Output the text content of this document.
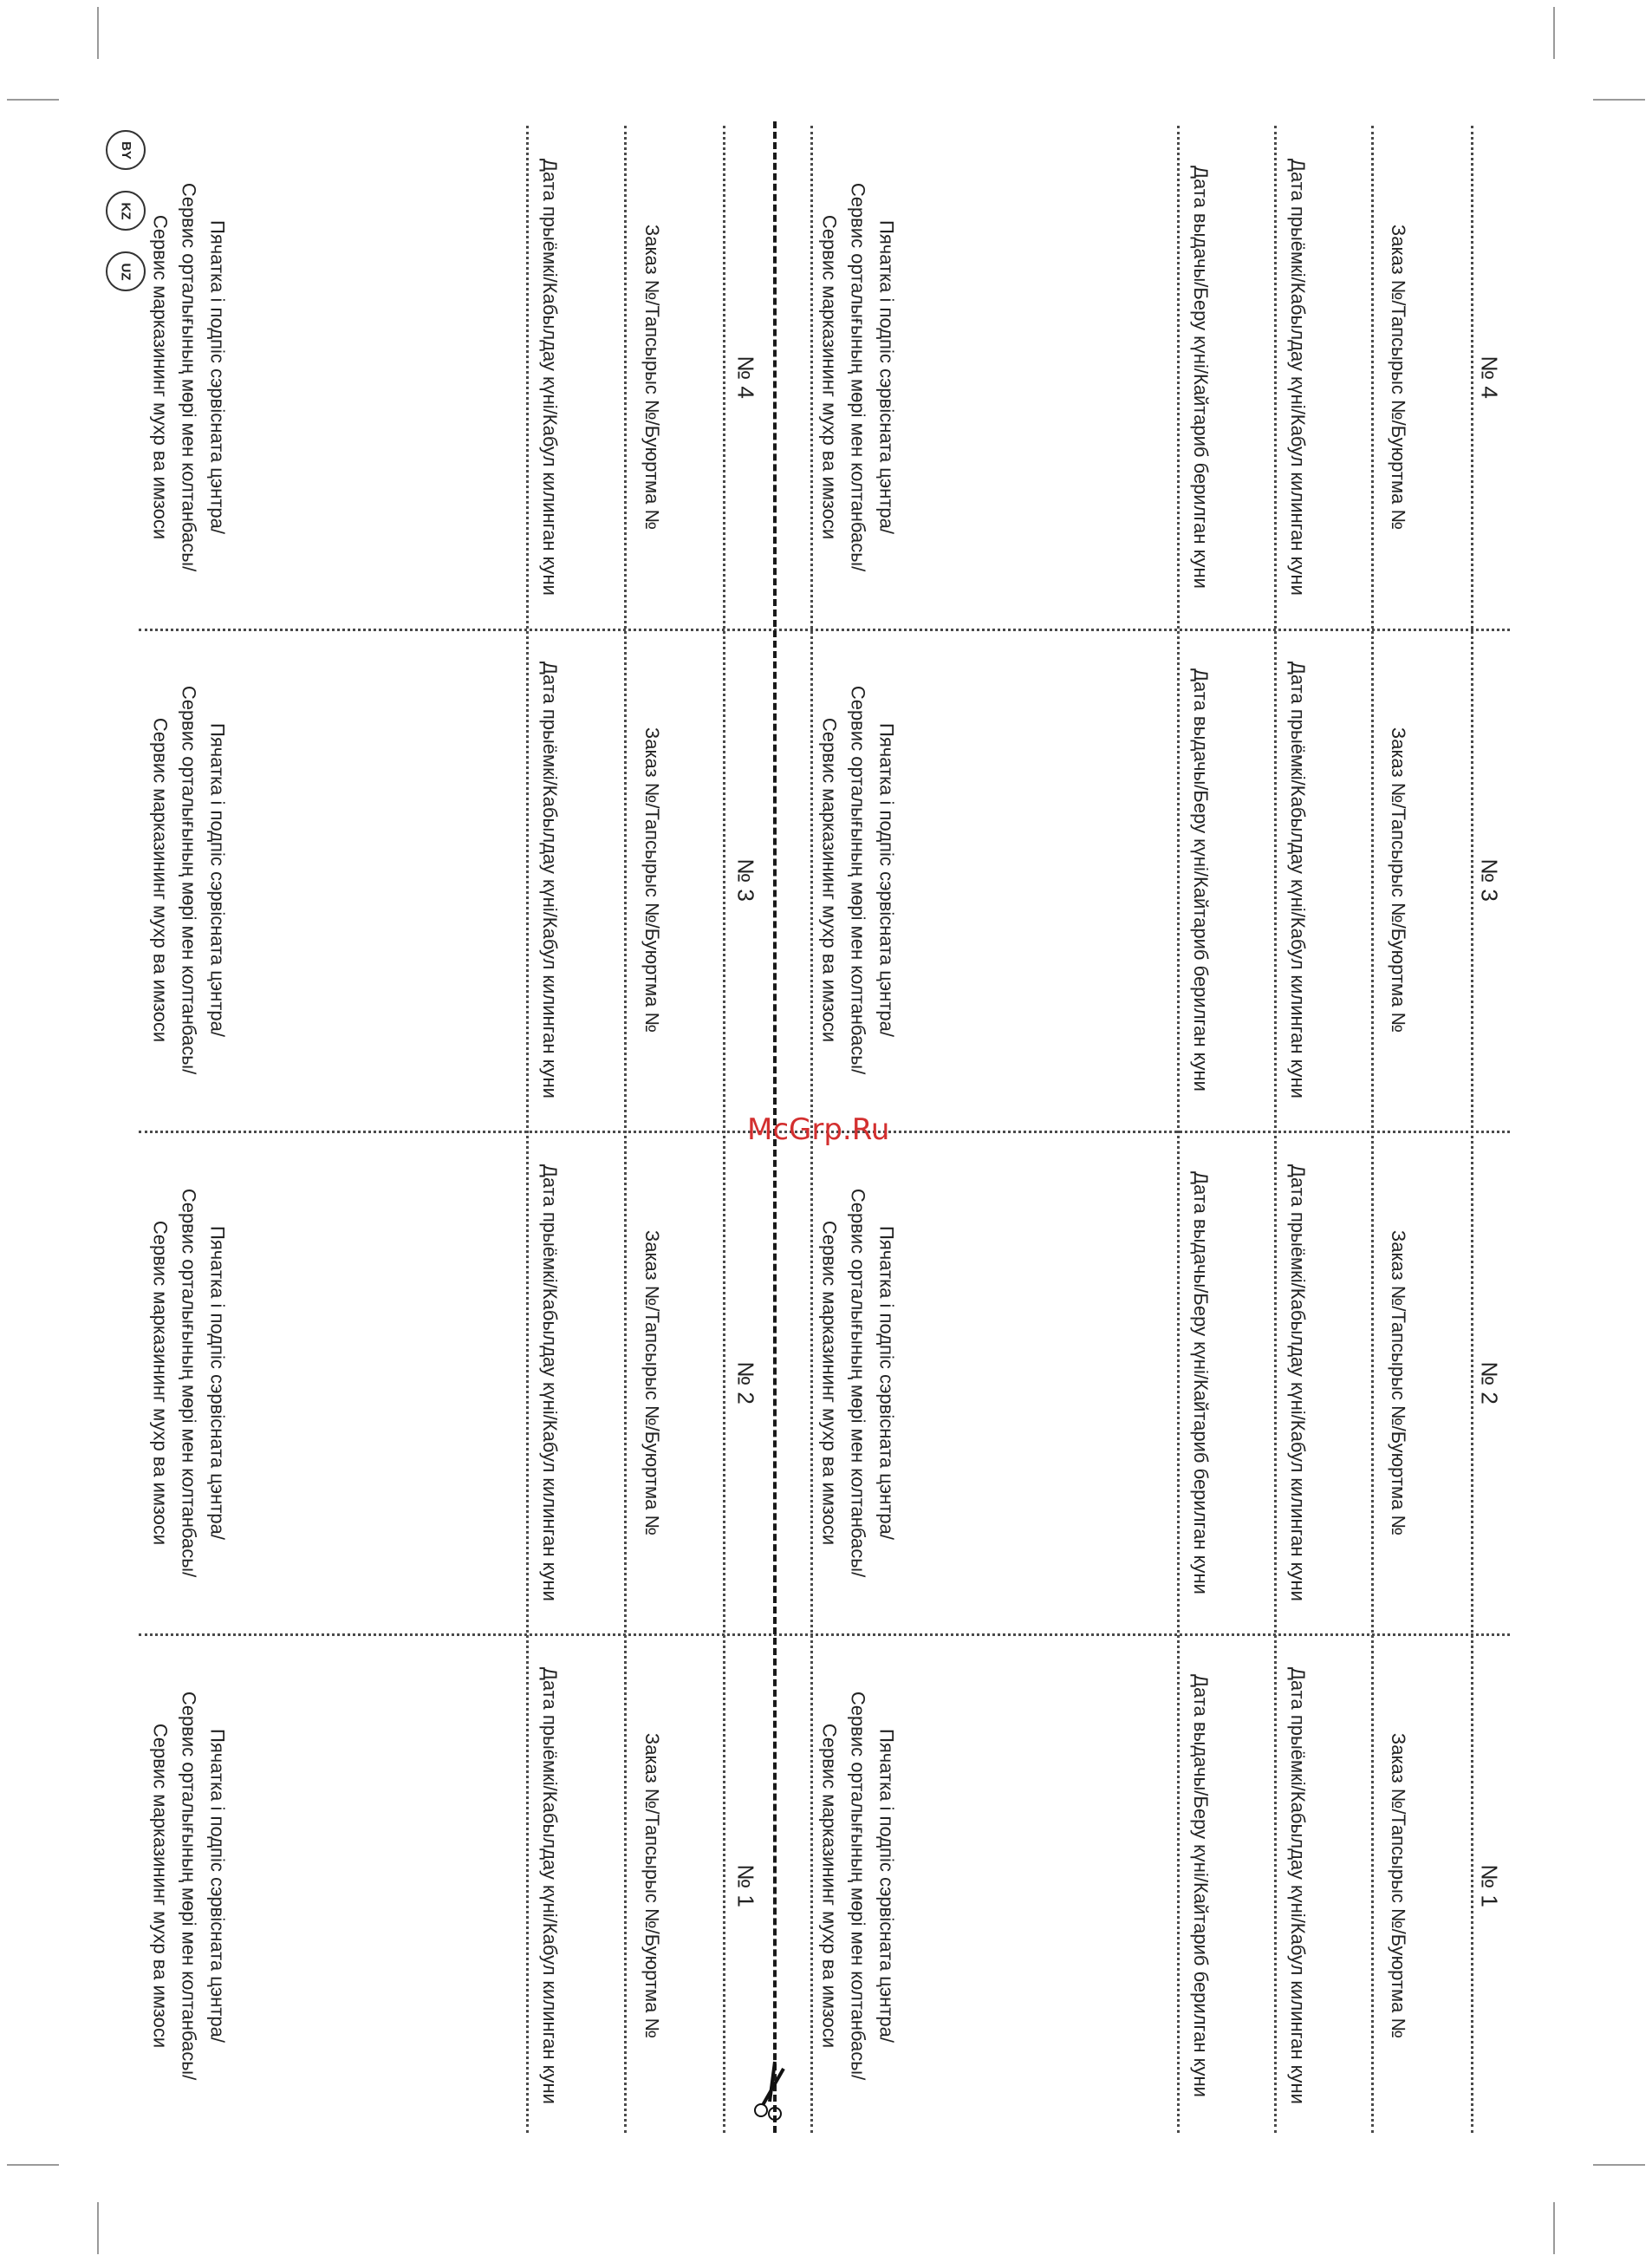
BY
KZ
UZ
№ 4
Заказ №/Тапсырыс №/Буюртма №
Дата прыёмкі/Кабылдау күні/Кабул килинган куни
Дата выдачы/Беру күні/Кайтариб берилган куни
Пячатка і подпіс сэрвісната цэнтра/
Сервис орталығының мөрі мен колтанбасы/
Сервис марказининг мухр ва имзоси
№ 4
Заказ №/Тапсырыс №/Буюртма №
Дата прыёмкі/Кабылдау күні/Кабул килинган куни
Пячатка і подпіс сэрвісната цэнтра/
Сервис орталығының мөрі мен колтанбасы/
Сервис марказининг мухр ва имзоси
№ 3
Заказ №/Тапсырыс №/Буюртма №
Дата прыёмкі/Кабылдау күні/Кабул килинган куни
Дата выдачы/Беру күні/Кайтариб берилган куни
Пячатка і подпіс сэрвісната цэнтра/
Сервис орталығының мөрі мен колтанбасы/
Сервис марказининг мухр ва имзоси
№ 3
Заказ №/Тапсырыс №/Буюртма №
Дата прыёмкі/Кабылдау күні/Кабул килинган куни
Пячатка і подпіс сэрвісната цэнтра/
Сервис орталығының мөрі мен колтанбасы/
Сервис марказининг мухр ва имзоси
№ 2
Заказ №/Тапсырыс №/Буюртма №
Дата прыёмкі/Кабылдау күні/Кабул килинган куни
Дата выдачы/Беру күні/Кайтариб берилган куни
Пячатка і подпіс сэрвісната цэнтра/
Сервис орталығының мөрі мен колтанбасы/
Сервис марказининг мухр ва имзоси
№ 2
Заказ №/Тапсырыс №/Буюртма №
Дата прыёмкі/Кабылдау күні/Кабул килинган куни
Пячатка і подпіс сэрвісната цэнтра/
Сервис орталығының мөрі мен колтанбасы/
Сервис марказининг мухр ва имзоси
№ 1
Заказ №/Тапсырыс №/Буюртма №
Дата прыёмкі/Кабылдау күні/Кабул килинган куни
Дата выдачы/Беру күні/Кайтариб берилган куни
Пячатка і подпіс сэрвісната цэнтра/
Сервис орталығының мөрі мен колтанбасы/
Сервис марказининг мухр ва имзоси
№ 1
Заказ №/Тапсырыс №/Буюртма №
Дата прыёмкі/Кабылдау күні/Кабул килинган куни
Пячатка і подпіс сэрвісната цэнтра/
Сервис орталығының мөрі мен колтанбасы/
Сервис марказининг мухр ва имзоси
McGrp.Ru
